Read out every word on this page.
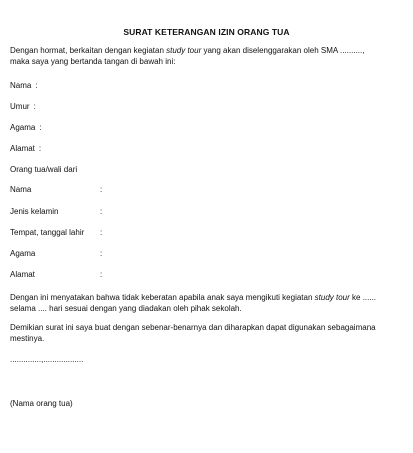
SURAT KETERANGAN IZIN ORANG TUA
Dengan hormat, berkaitan dengan kegiatan study tour yang akan diselenggarakan oleh SMA ..........,
maka saya yang bertanda tangan di bawah ini:
Nama :
Umur :
Agama :
Alamat :
Orang tua/wali dari
Nama	:
Jenis kelamin	:
Tempat, tanggal lahir :
Agama	:
Alamat	:
Dengan ini menyatakan bahwa tidak keberatan apabila anak saya mengikuti kegiatan study tour ke ......
selama .... hari sesuai dengan yang diadakan oleh pihak sekolah.
Demikian surat ini saya buat dengan sebenar-benarnya dan diharapkan dapat digunakan sebagaimana
mestinya.
..............,..................
(Nama orang tua)
